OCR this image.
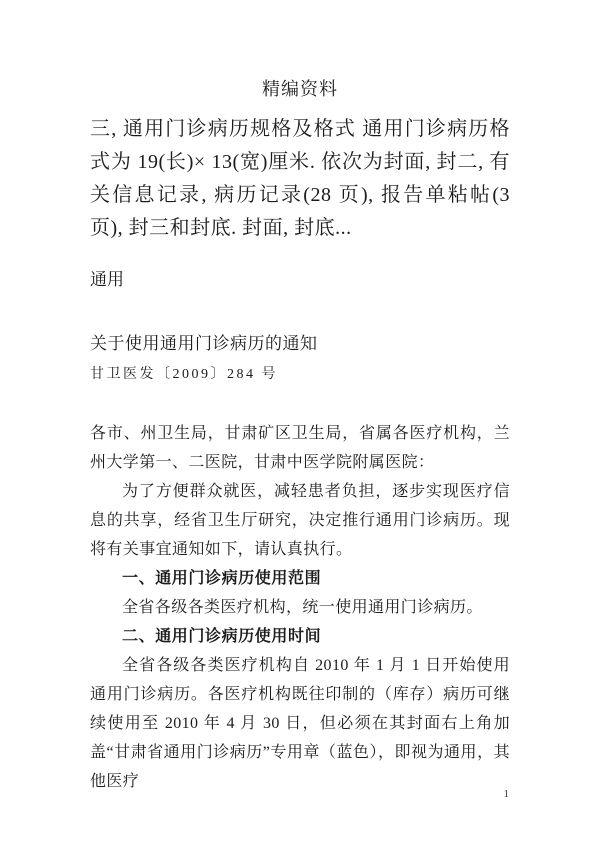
精编资料
三, 通用门诊病历规格及格式 通用门诊病历格式为 19(长)× 13(宽)厘米. 依次为封面, 封二, 有关信息记录, 病历记录(28 页), 报告单粘帖(3 页), 封三和封底. 封面, 封底...
通用
关于使用通用门诊病历的通知
甘卫医发〔2009〕284 号

各市、州卫生局，甘肃矿区卫生局，省属各医疗机构，兰州大学第一、二医院，甘肃中医学院附属医院：

为了方便群众就医，减轻患者负担，逐步实现医疗信息的共享，经省卫生厅研究，决定推行通用门诊病历。现将有关事宜通知如下，请认真执行。

一、通用门诊病历使用范围

全省各级各类医疗机构，统一使用通用门诊病历。

二、通用门诊病历使用时间

全省各级各类医疗机构自 2010 年 1 月 1 日开始使用通用门诊病历。各医疗机构既往印制的（库存）病历可继续使用至 2010 年 4 月 30 日，但必须在其封面右上角加盖“甘肃省通用门诊病历”专用章（蓝色），即视为通用，其他医疗

1
